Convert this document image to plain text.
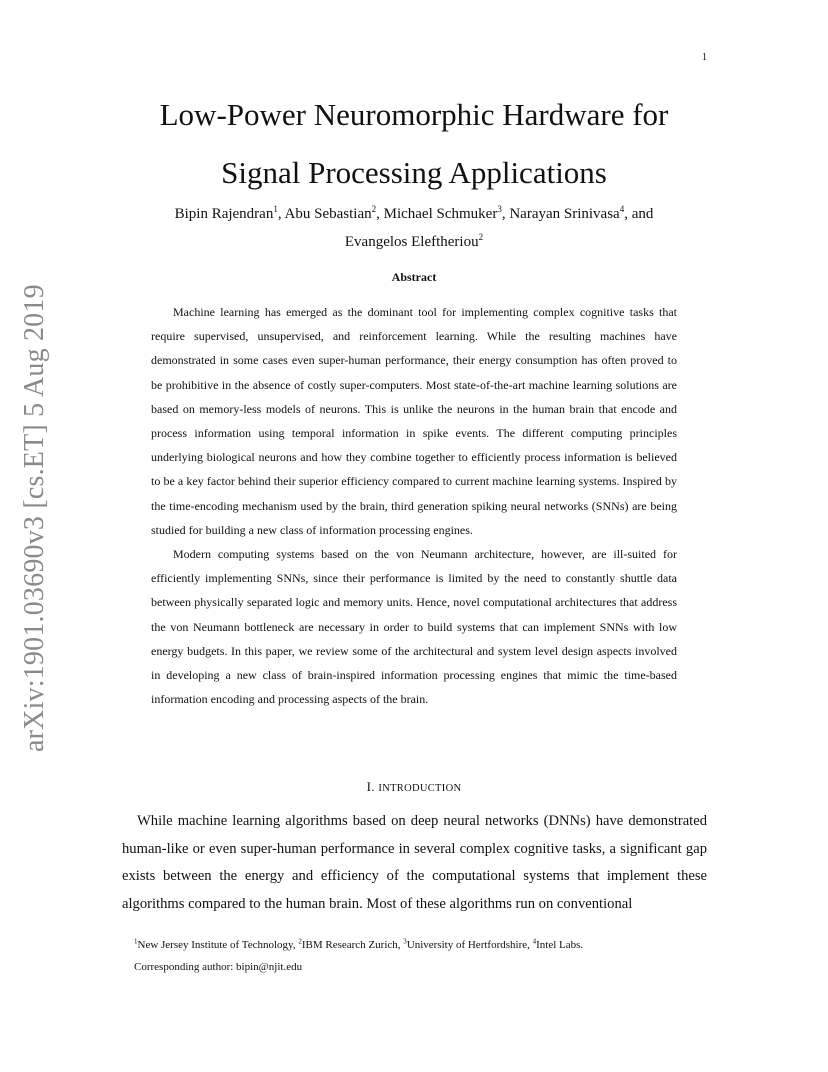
1
arXiv:1901.03690v3 [cs.ET] 5 Aug 2019
Low-Power Neuromorphic Hardware for
Signal Processing Applications
Bipin Rajendran$^1$, Abu Sebastian$^2$, Michael Schmuker$^3$, Narayan Srinivasa$^4$, and
Evangelos Eleftheriou$^2$
Abstract

Machine learning has emerged as the dominant tool for implementing complex cognitive tasks that require supervised, unsupervised, and reinforcement learning. While the resulting machines have demonstrated in some cases even super-human performance, their energy consumption has often proved to be prohibitive in the absence of costly super-computers. Most state-of-the-art machine learning solutions are based on memory-less models of neurons. This is unlike the neurons in the human brain that encode and process information using temporal information in spike events. The different computing principles underlying biological neurons and how they combine together to efficiently process information is believed to be a key factor behind their superior efficiency compared to current machine learning systems. Inspired by the time-encoding mechanism used by the brain, third generation spiking neural networks (SNNs) are being studied for building a new class of information processing engines.

Modern computing systems based on the von Neumann architecture, however, are ill-suited for efficiently implementing SNNs, since their performance is limited by the need to constantly shuttle data between physically separated logic and memory units. Hence, novel computational architectures that address the von Neumann bottleneck are necessary in order to build systems that can implement SNNs with low energy budgets. In this paper, we review some of the architectural and system level design aspects involved in developing a new class of brain-inspired information processing engines that mimic the time-based information encoding and processing aspects of the brain.

I. INTRODUCTION

While machine learning algorithms based on deep neural networks (DNNs) have demonstrated human-like or even super-human performance in several complex cognitive tasks, a significant gap exists between the energy and efficiency of the computational systems that implement these algorithms compared to the human brain. Most of these algorithms run on conventional

$^1$New Jersey Institute of Technology, $^2$IBM Research Zurich, $^3$University of Hertfordshire, $^4$Intel Labs.
Corresponding author: bipin@njit.edu
